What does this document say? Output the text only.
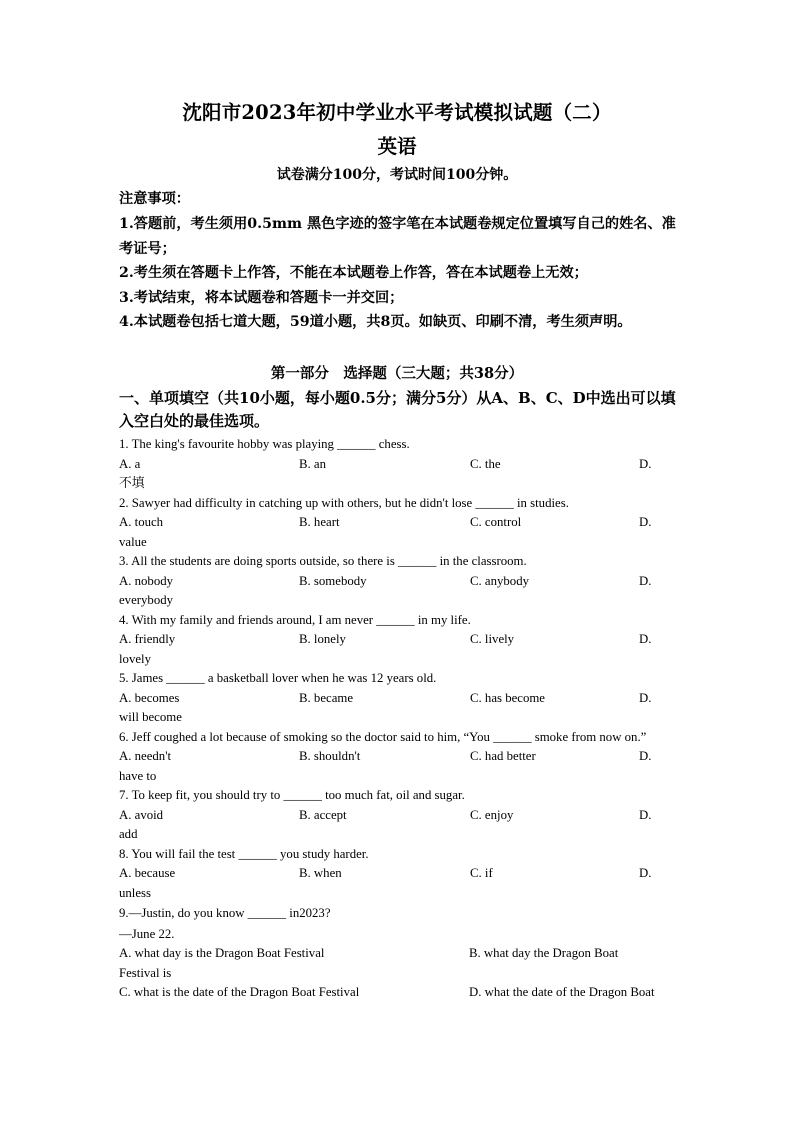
沈阳市2023年初中学业水平考试模拟试题（二）
英语
试卷满分100分，考试时间100分钟。
注意事项：

1.答题前，考生须用0.5mm 黑色字迹的签字笔在本试题卷规定位置填写自己的姓名、准考证号；

2.考生须在答题卡上作答，不能在本试题卷上作答，答在本试题卷上无效；

3.考试结束，将本试题卷和答题卡一并交回；

4.本试题卷包括七道大题，59道小题，共8页。如缺页、印刷不清，考生须声明。

第一部分　选择题（三大题；共38分）
一、单项填空（共10小题，每小题0.5分；满分5分）从A、B、C、D中选出可以填入空白处的最佳选项。
1. The king's favourite hobby was playing ______ chess.
A. a	B. an	C. the	D.
不填
2. Sawyer had difficulty in catching up with others, but he didn't lose ______ in studies.
A. touch	B. heart	C. control	D.
value
3. All the students are doing sports outside, so there is ______ in the classroom.
A. nobody	B. somebody	C. anybody	D.
everybody
4. With my family and friends around, I am never ______ in my life.
A. friendly	B. lonely	C. lively	D.
lovely
5. James ______ a basketball lover when he was 12 years old.
A. becomes	B. became	C. has become	D.
will become
6. Jeff coughed a lot because of smoking so the doctor said to him, “You ______ smoke from now on.”
A. needn't	B. shouldn't	C. had better	D.
have to
7. To keep fit, you should try to ______ too much fat, oil and sugar.
A. avoid	B. accept	C. enjoy	D.
add
8. You will fail the test ______ you study harder.
A. because	B. when	C. if	D.
unless
9.—Justin, do you know ______ in2023?
—June 22.
A. what day is the Dragon Boat Festival	B. what day the Dragon Boat
Festival is
C. what is the date of the Dragon Boat Festival	D. what the date of the Dragon Boat
